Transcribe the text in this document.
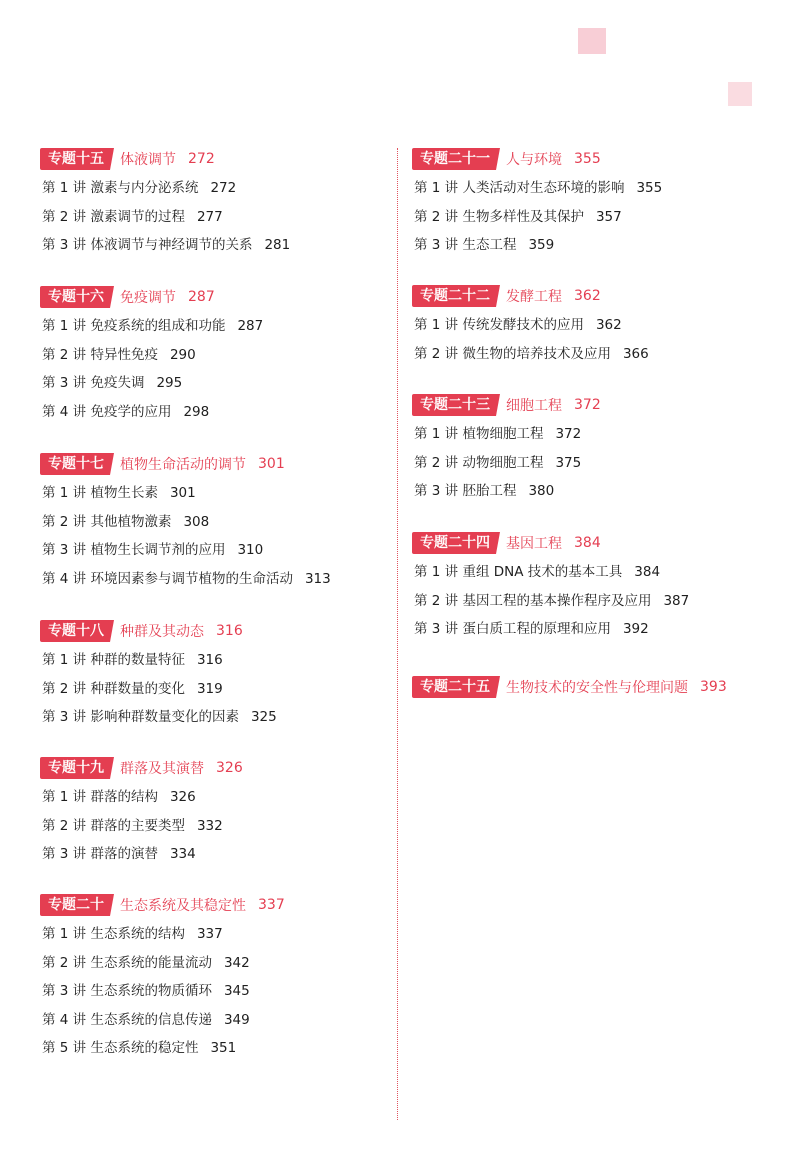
专题十五	体液调节 272
第 1 讲 激素与内分泌系统 272
第 2 讲 激素调节的过程 277
第 3 讲 体液调节与神经调节的关系 281
专题十六	免疫调节 287
第 1 讲 免疫系统的组成和功能 287
第 2 讲 特异性免疫 290
第 3 讲 免疫失调 295
第 4 讲 免疫学的应用 298
专题十七	植物生命活动的调节 301
第 1 讲 植物生长素 301
第 2 讲 其他植物激素 308
第 3 讲 植物生长调节剂的应用 310
第 4 讲 环境因素参与调节植物的生命活动 313
专题十八	种群及其动态 316
第 1 讲 种群的数量特征 316
第 2 讲 种群数量的变化 319
第 3 讲 影响种群数量变化的因素 325
专题十九	群落及其演替 326
第 1 讲 群落的结构 326
第 2 讲 群落的主要类型 332
第 3 讲 群落的演替 334
专题二十	生态系统及其稳定性 337
第 1 讲 生态系统的结构 337
第 2 讲 生态系统的能量流动 342
第 3 讲 生态系统的物质循环 345
第 4 讲 生态系统的信息传递 349
第 5 讲 生态系统的稳定性 351
专题二十一	人与环境 355
第 1 讲 人类活动对生态环境的影响 355
第 2 讲 生物多样性及其保护 357
第 3 讲 生态工程 359
专题二十二	发酵工程 362
第 1 讲 传统发酵技术的应用 362
第 2 讲 微生物的培养技术及应用 366
专题二十三	细胞工程 372
第 1 讲 植物细胞工程 372
第 2 讲 动物细胞工程 375
第 3 讲 胚胎工程 380
专题二十四	基因工程 384
第 1 讲 重组 DNA 技术的基本工具 384
第 2 讲 基因工程的基本操作程序及应用 387
第 3 讲 蛋白质工程的原理和应用 392
专题二十五	生物技术的安全性与伦理问题 393
